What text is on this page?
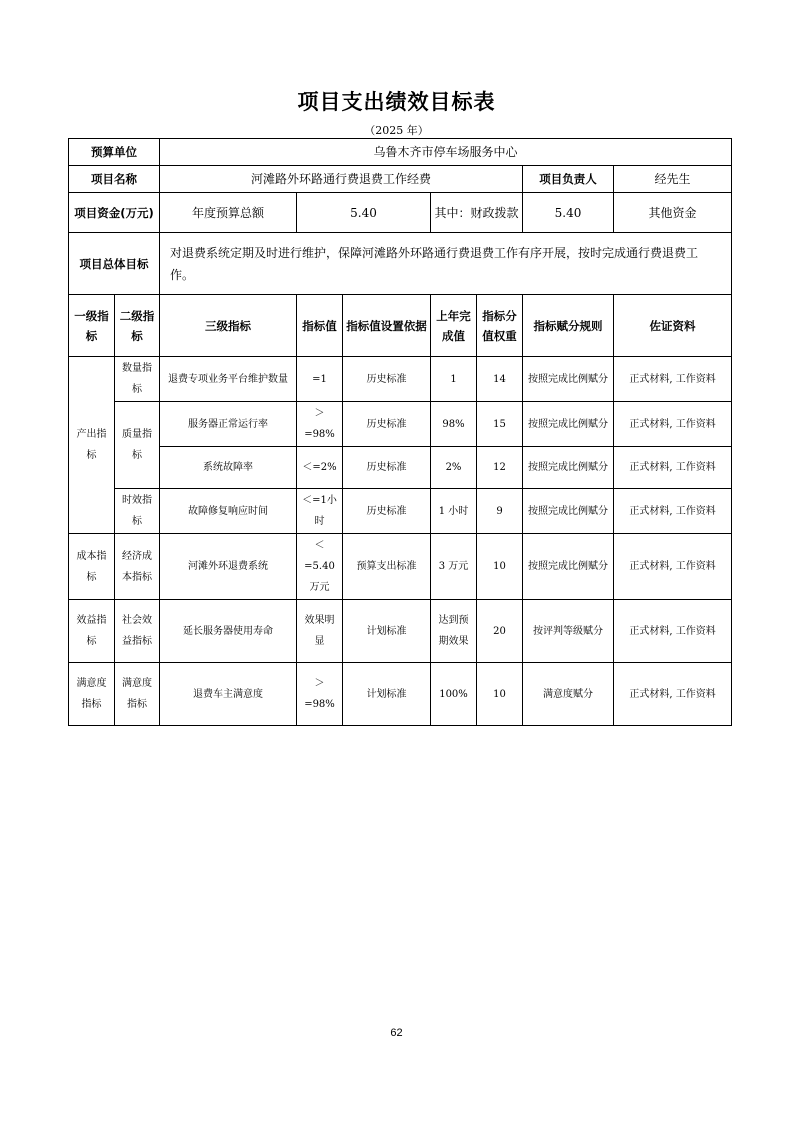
项目支出绩效目标表
（2025 年）
预算单位		乌鲁木齐市停车场服务中心						
项目名称		河滩路外环路通行费退费工作经费					项目负责人	经先生
项目资金(万元)		年度预算总额	5.40		其中：财政拨款		5.40	其他资金
项目总体目标		对退费系统定期及时进行维护，保障河滩路外环路通行费退费工作有序开展，按时完成通行费退费工作。						
一级指标	二级指标	三级指标	指标值	指标值设置依据	上年完成值	指标分值权重	指标赋分规则	佐证资料
产出指标	数量指标	退费专项业务平台维护数量	=1	历史标准	1	14	按照完成比例赋分	正式材料, 工作资料
	质量指标	服务器正常运行率	＞=98%	历史标准	98%	15	按照完成比例赋分	正式材料, 工作资料
		系统故障率	＜=2%	历史标准	2%	12	按照完成比例赋分	正式材料, 工作资料
	时效指标	故障修复响应时间	＜=1小时	历史标准	1 小时	9	按照完成比例赋分	正式材料, 工作资料
成本指标	经济成本指标	河滩外环退费系统	＜=5.40万元	预算支出标准	3 万元	10	按照完成比例赋分	正式材料, 工作资料
效益指标	社会效益指标	延长服务器使用寿命	效果明显	计划标准	达到预期效果	20	按评判等级赋分	正式材料, 工作资料
满意度指标	满意度指标	退费车主满意度	＞=98%	计划标准	100%	10	满意度赋分	正式材料, 工作资料
62
